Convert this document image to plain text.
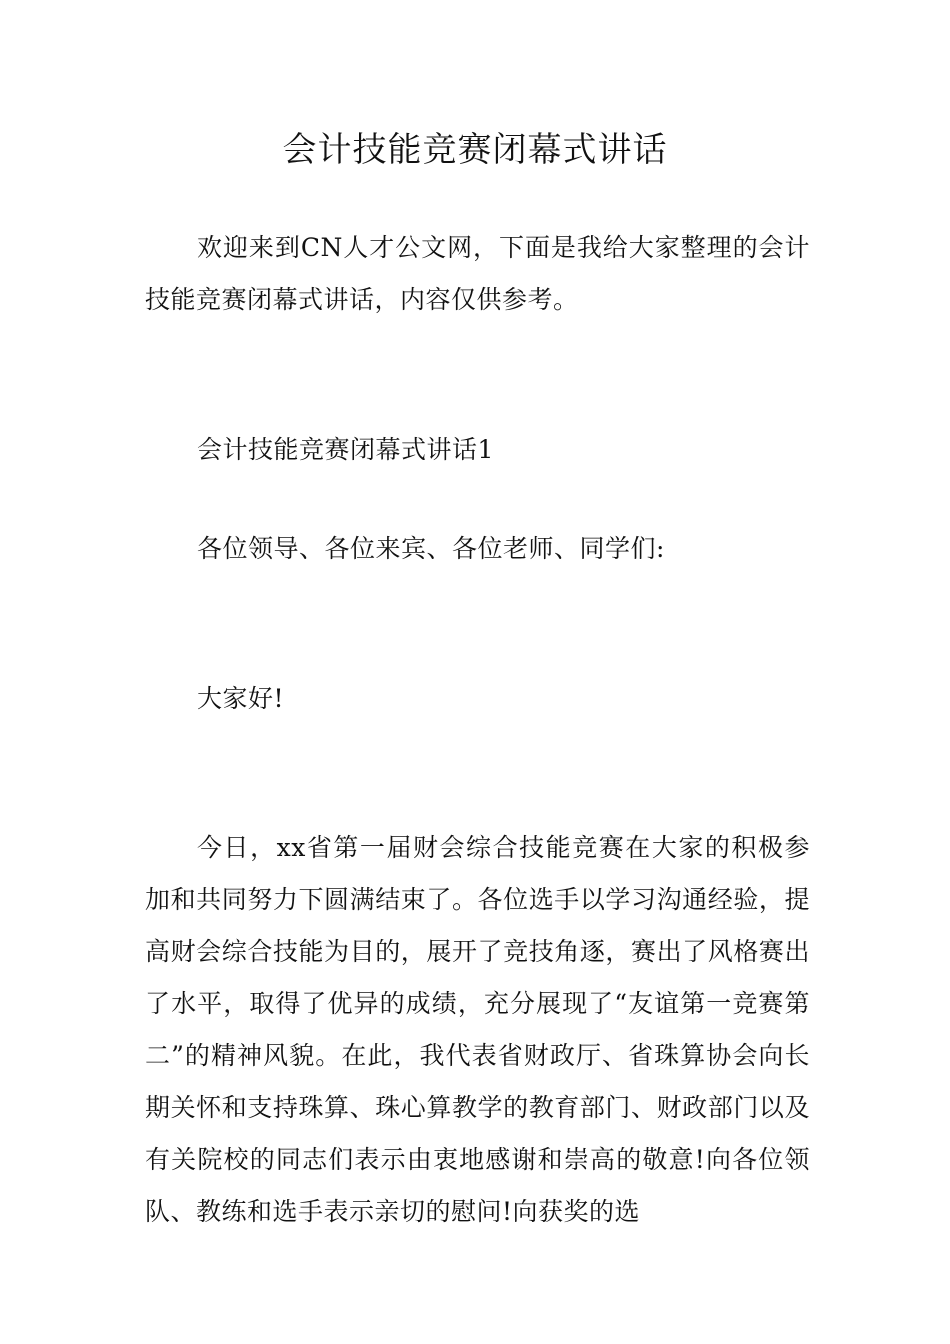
会计技能竞赛闭幕式讲话

欢迎来到CN人才公文网，下面是我给大家整理的会计技能竞赛闭幕式讲话，内容仅供参考。

会计技能竞赛闭幕式讲话1

各位领导、各位来宾、各位老师、同学们:

大家好!

今日，xx省第一届财会综合技能竞赛在大家的积极参加和共同努力下圆满结束了。各位选手以学习沟通经验，提高财会综合技能为目的，展开了竞技角逐，赛出了风格赛出了水平，取得了优异的成绩，充分展现了“友谊第一竞赛第二”的精神风貌。在此，我代表省财政厅、省珠算协会向长期关怀和支持珠算、珠心算教学的教育部门、财政部门以及有关院校的同志们表示由衷地感谢和崇高的敬意!向各位领队、教练和选手表示亲切的慰问!向获奖的选
